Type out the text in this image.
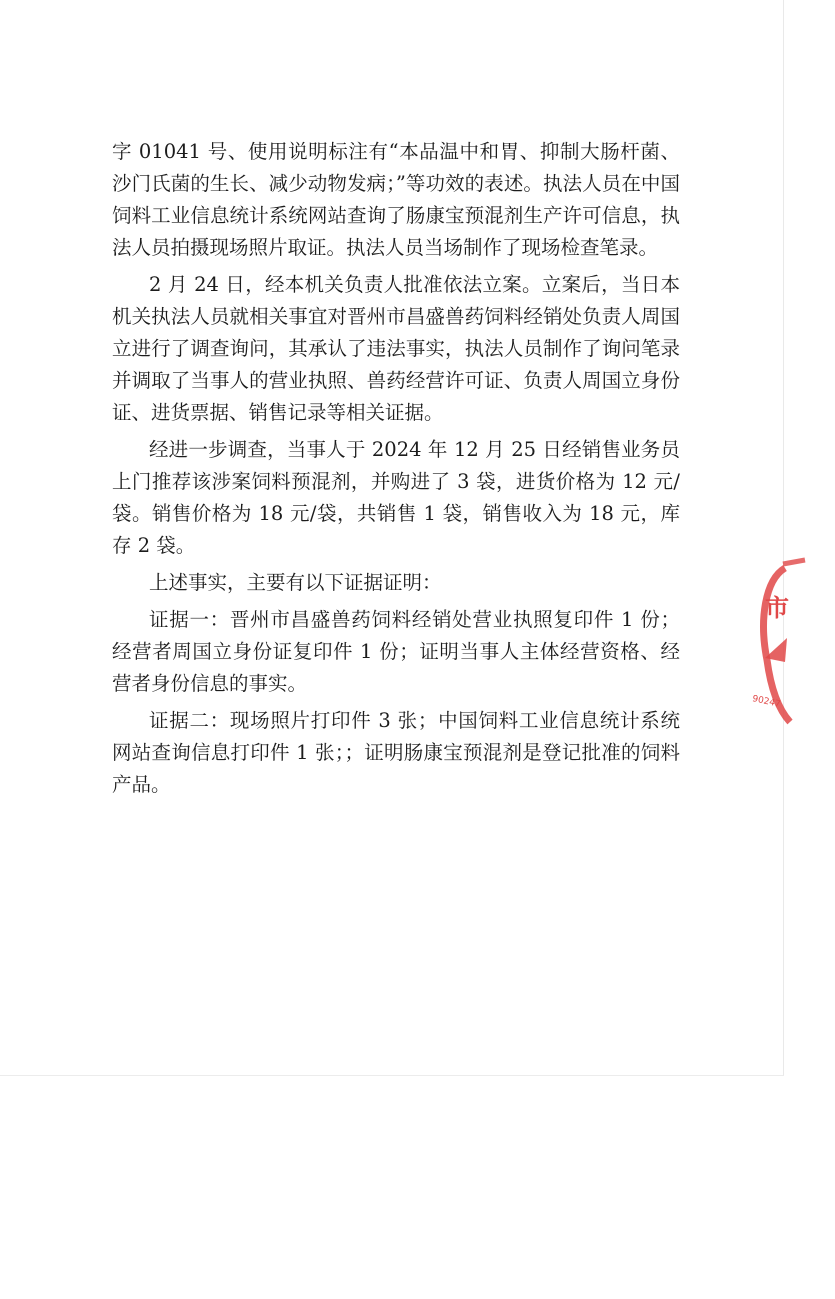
字 01041 号、使用说明标注有“本品温中和胃、抑制大肠杆菌、沙门氏菌的生长、减少动物发病；”等功效的表述。执法人员在中国饲料工业信息统计系统网站查询了肠康宝预混剂生产许可信息，执法人员拍摄现场照片取证。执法人员当场制作了现场检查笔录。

2 月 24 日，经本机关负责人批准依法立案。立案后，当日本机关执法人员就相关事宜对晋州市昌盛兽药饲料经销处负责人周国立进行了调查询问，其承认了违法事实，执法人员制作了询问笔录并调取了当事人的营业执照、兽药经营许可证、负责人周国立身份证、进货票据、销售记录等相关证据。

经进一步调查，当事人于 2024 年 12 月 25 日经销售业务员上门推荐该涉案饲料预混剂，并购进了 3 袋，进货价格为 12 元/袋。销售价格为 18 元/袋，共销售 1 袋，销售收入为 18 元，库存 2 袋。

上述事实，主要有以下证据证明：

证据一：晋州市昌盛兽药饲料经销处营业执照复印件 1 份；经营者周国立身份证复印件 1 份；证明当事人主体经营资格、经营者身份信息的事实。

证据二：现场照片打印件 3 张；中国饲料工业信息统计系统网站查询信息打印件 1 张；；证明肠康宝预混剂是登记批准的饲料产品。

市
90247
